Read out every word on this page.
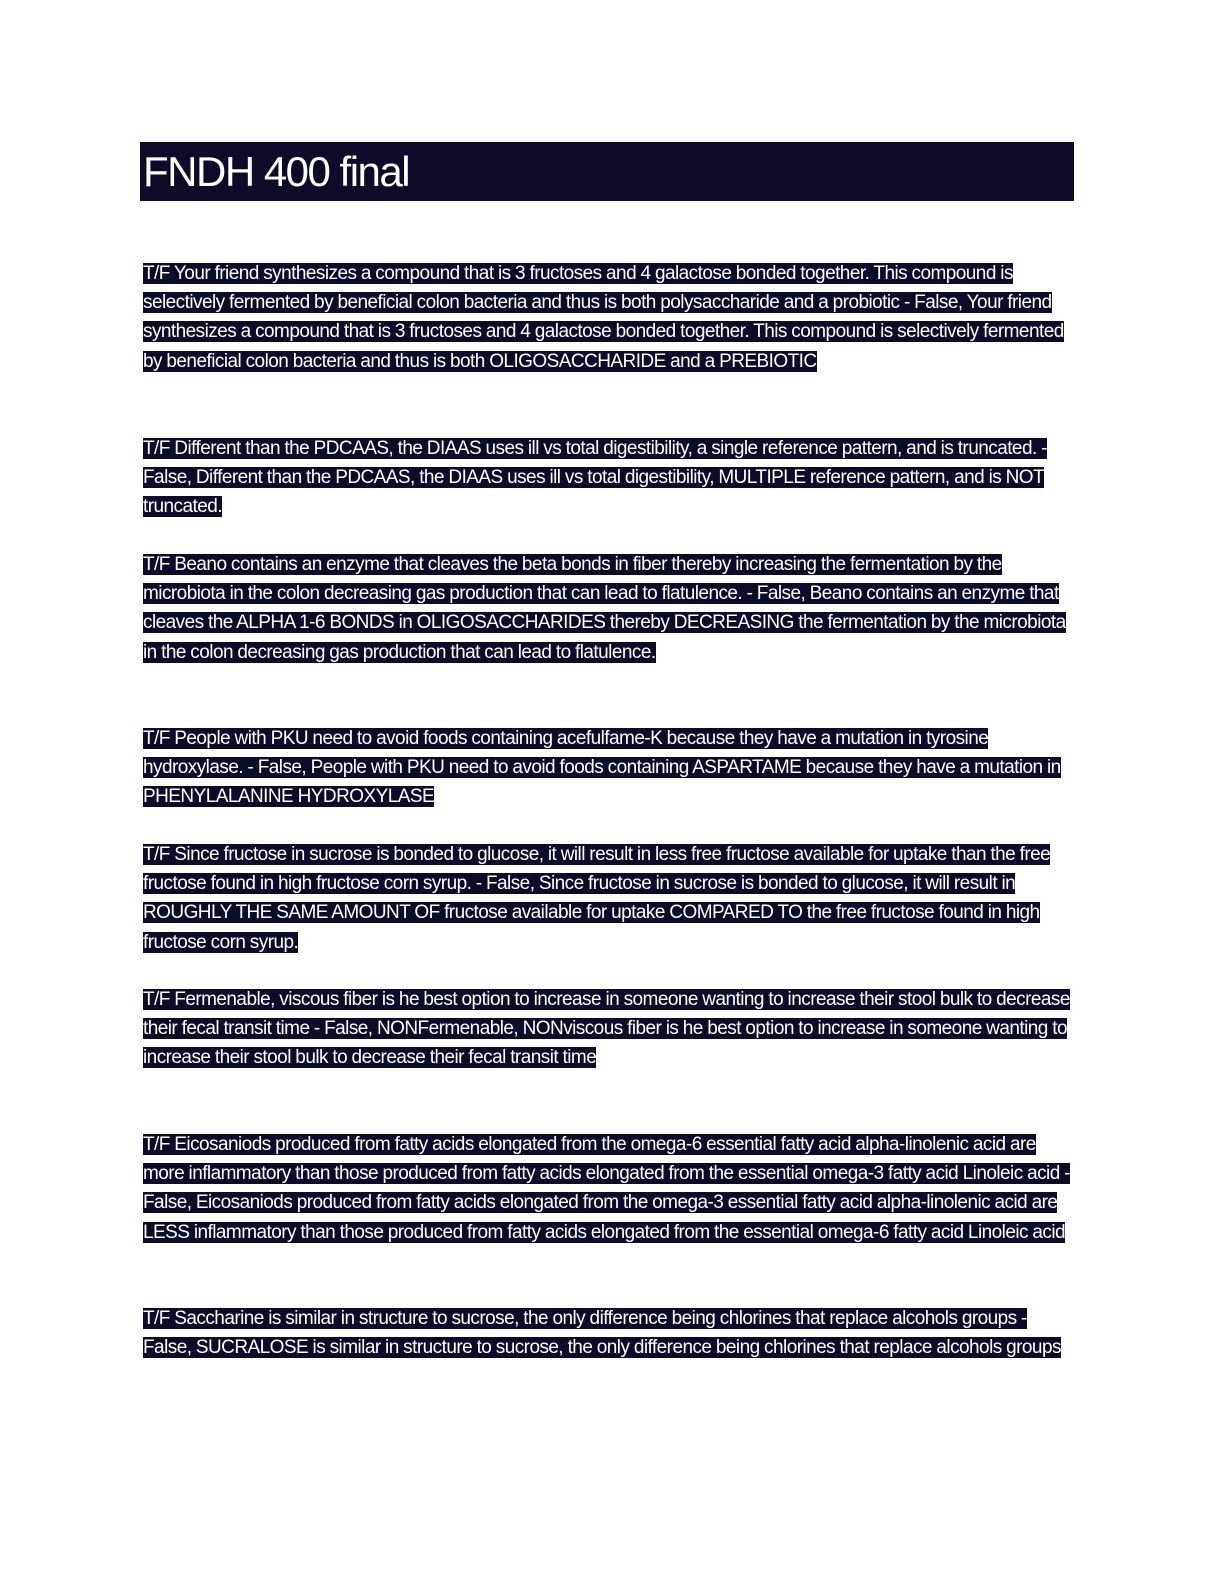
FNDH 400 final

T/F Your friend synthesizes a compound that is 3 fructoses and 4 galactose bonded together. This compound is selectively fermented by beneficial colon bacteria and thus is both polysaccharide and a probiotic - False, Your friend synthesizes a compound that is 3 fructoses and 4 galactose bonded together. This compound is selectively fermented by beneficial colon bacteria and thus is both OLIGOSACCHARIDE and a PREBIOTIC

T/F Different than the PDCAAS, the DIAAS uses ill vs total digestibility, a single reference pattern, and is truncated. - False, Different than the PDCAAS, the DIAAS uses ill vs total digestibility, MULTIPLE reference pattern, and is NOT truncated.

T/F Beano contains an enzyme that cleaves the beta bonds in fiber thereby increasing the fermentation by the microbiota in the colon decreasing gas production that can lead to flatulence. - False, Beano contains an enzyme that cleaves the ALPHA 1-6 BONDS in OLIGOSACCHARIDES thereby DECREASING the fermentation by the microbiota in the colon decreasing gas production that can lead to flatulence.

T/F People with PKU need to avoid foods containing acefulfame-K because they have a mutation in tyrosine hydroxylase. - False, People with PKU need to avoid foods containing ASPARTAME because they have a mutation in PHENYLALANINE HYDROXYLASE

T/F Since fructose in sucrose is bonded to glucose, it will result in less free fructose available for uptake than the free fructose found in high fructose corn syrup. - False, Since fructose in sucrose is bonded to glucose, it will result in ROUGHLY THE SAME AMOUNT OF fructose available for uptake COMPARED TO the free fructose found in high fructose corn syrup.

T/F Fermenable, viscous fiber is he best option to increase in someone wanting to increase their stool bulk to decrease their fecal transit time - False, NONFermenable, NONviscous fiber is he best option to increase in someone wanting to increase their stool bulk to decrease their fecal transit time

T/F Eicosaniods produced from fatty acids elongated from the omega-6 essential fatty acid alpha-linolenic acid are more inflammatory than those produced from fatty acids elongated from the essential omega-3 fatty acid Linoleic acid - False, Eicosaniods produced from fatty acids elongated from the omega-3 essential fatty acid alpha-linolenic acid are LESS inflammatory than those produced from fatty acids elongated from the essential omega-6 fatty acid Linoleic acid

T/F Saccharine is similar in structure to sucrose, the only difference being chlorines that replace alcohols groups - False, SUCRALOSE is similar in structure to sucrose, the only difference being chlorines that replace alcohols groups
